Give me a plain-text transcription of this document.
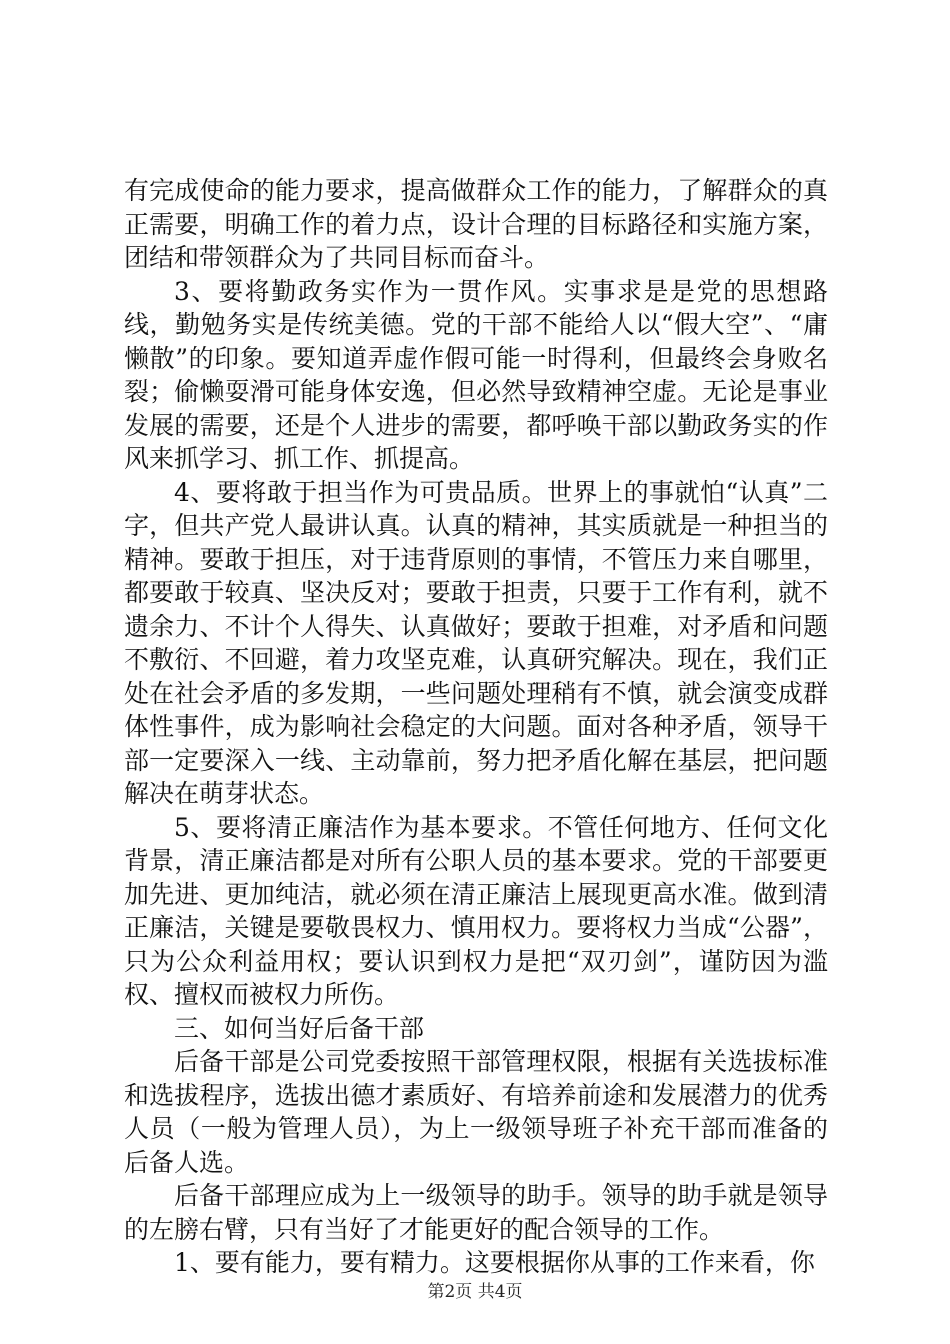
有完成使命的能力要求，提高做群众工作的能力，了解群众的真正需要，明确工作的着力点，设计合理的目标路径和实施方案，团结和带领群众为了共同目标而奋斗。

3、要将勤政务实作为一贯作风。实事求是是党的思想路线，勤勉务实是传统美德。党的干部不能给人以“假大空”、“庸懒散”的印象。要知道弄虚作假可能一时得利，但最终会身败名裂；偷懒耍滑可能身体安逸，但必然导致精神空虚。无论是事业发展的需要，还是个人进步的需要，都呼唤干部以勤政务实的作风来抓学习、抓工作、抓提高。

4、要将敢于担当作为可贵品质。世界上的事就怕“认真”二字，但共产党人最讲认真。认真的精神，其实质就是一种担当的精神。要敢于担压，对于违背原则的事情，不管压力来自哪里，都要敢于较真、坚决反对；要敢于担责，只要于工作有利，就不遗余力、不计个人得失、认真做好；要敢于担难，对矛盾和问题不敷衍、不回避，着力攻坚克难，认真研究解决。现在，我们正处在社会矛盾的多发期，一些问题处理稍有不慎，就会演变成群体性事件，成为影响社会稳定的大问题。面对各种矛盾，领导干部一定要深入一线、主动靠前，努力把矛盾化解在基层，把问题解决在萌芽状态。

5、要将清正廉洁作为基本要求。不管任何地方、任何文化背景，清正廉洁都是对所有公职人员的基本要求。党的干部要更加先进、更加纯洁，就必须在清正廉洁上展现更高水准。做到清正廉洁，关键是要敬畏权力、慎用权力。要将权力当成“公器”，只为公众利益用权；要认识到权力是把“双刃剑”，谨防因为滥权、擅权而被权力所伤。

三、如何当好后备干部

后备干部是公司党委按照干部管理权限，根据有关选拔标准和选拔程序，选拔出德才素质好、有培养前途和发展潜力的优秀人员（一般为管理人员），为上一级领导班子补充干部而准备的后备人选。

后备干部理应成为上一级领导的助手。领导的助手就是领导的左膀右臂，只有当好了才能更好的配合领导的工作。

1、要有能力，要有精力。这要根据你从事的工作来看，你

第2页 共4页
